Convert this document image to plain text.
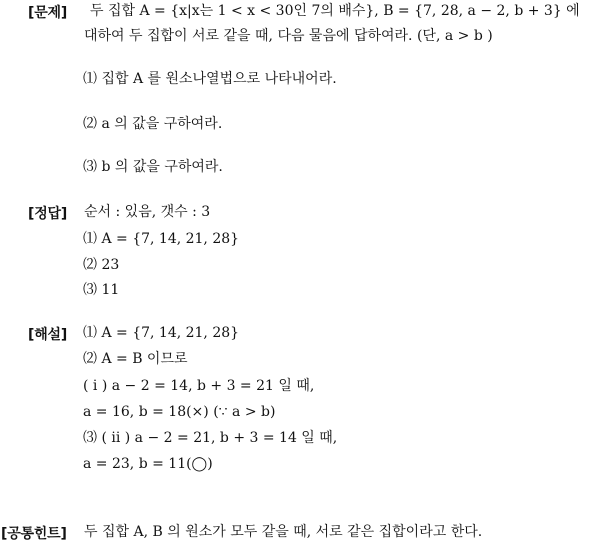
[문제] 두 집합 A = {x|x는 1 < x < 30인 7의 배수}, B = {7, 28, a − 2, b + 3} 에
대하여 두 집합이 서로 같을 때, 다음 물음에 답하여라. (단, a > b )
⑴ 집합 A 를 원소나열법으로 나타내어라.
⑵ a 의 값을 구하여라.
⑶ b 의 값을 구하여라.
[정답] 순서 : 있음, 갯수 : 3
⑴ A = {7, 14, 21, 28}
⑵ 23
⑶ 11
[해설] ⑴ A = {7, 14, 21, 28}
⑵ A = B 이므로
( i ) a − 2 = 14, b + 3 = 21 일 때,
a = 16, b = 18(×) (∵ a > b)
⑶ ( ii ) a − 2 = 21, b + 3 = 14 일 때,
a = 23, b = 11(◯)
[공통힌트] 두 집합 A, B 의 원소가 모두 같을 때, 서로 같은 집합이라고 한다.
